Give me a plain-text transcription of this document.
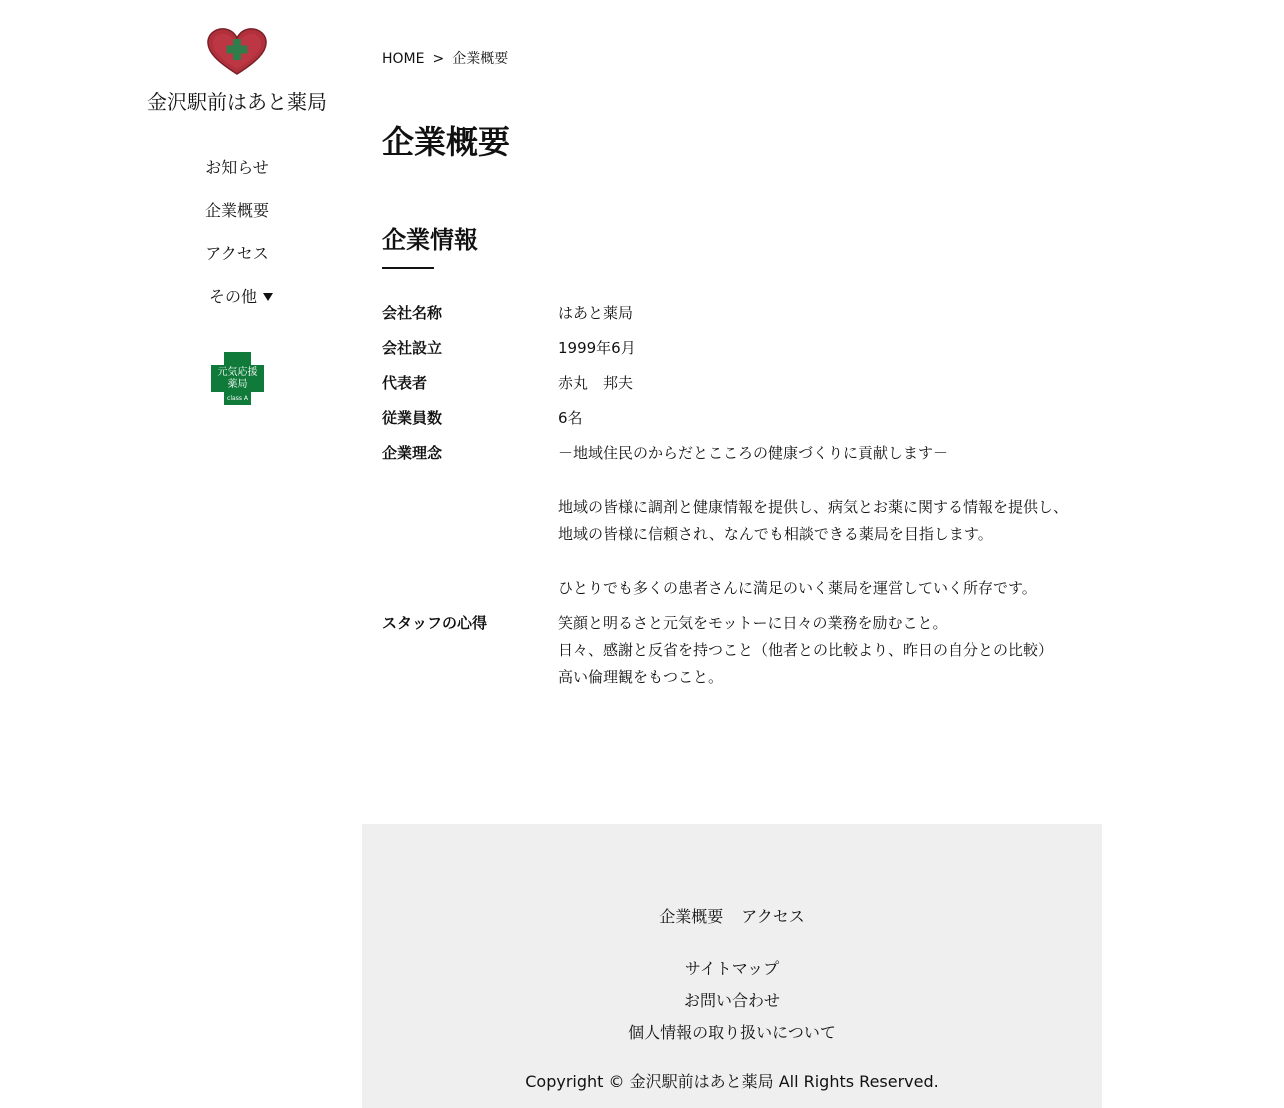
金沢駅前はあと薬局
お知らせ
企業概要
アクセス
その他
元気応援
薬局
class A
HOME > 企業概要
企業概要
企業情報
会社名称	はあと薬局
会社設立	1999年6月
代表者	赤丸　邦夫
従業員数	6名
企業理念	－地域住民のからだとこころの健康づくりに貢献します－

地域の皆様に調剤と健康情報を提供し、病気とお薬に関する情報を提供し、

地域の皆様に信頼され、なんでも相談できる薬局を目指します。

ひとりでも多くの患者さんに満足のいく薬局を運営していく所存です。

スタッフの心得	笑顔と明るさと元気をモットーに日々の業務を励むこと。

日々、感謝と反省を持つこと（他者との比較より、昨日の自分との比較）

高い倫理観をもつこと。

企業概要 アクセス
サイトマップ
お問い合わせ
個人情報の取り扱いについて
Copyright © 金沢駅前はあと薬局 All Rights Reserved.
